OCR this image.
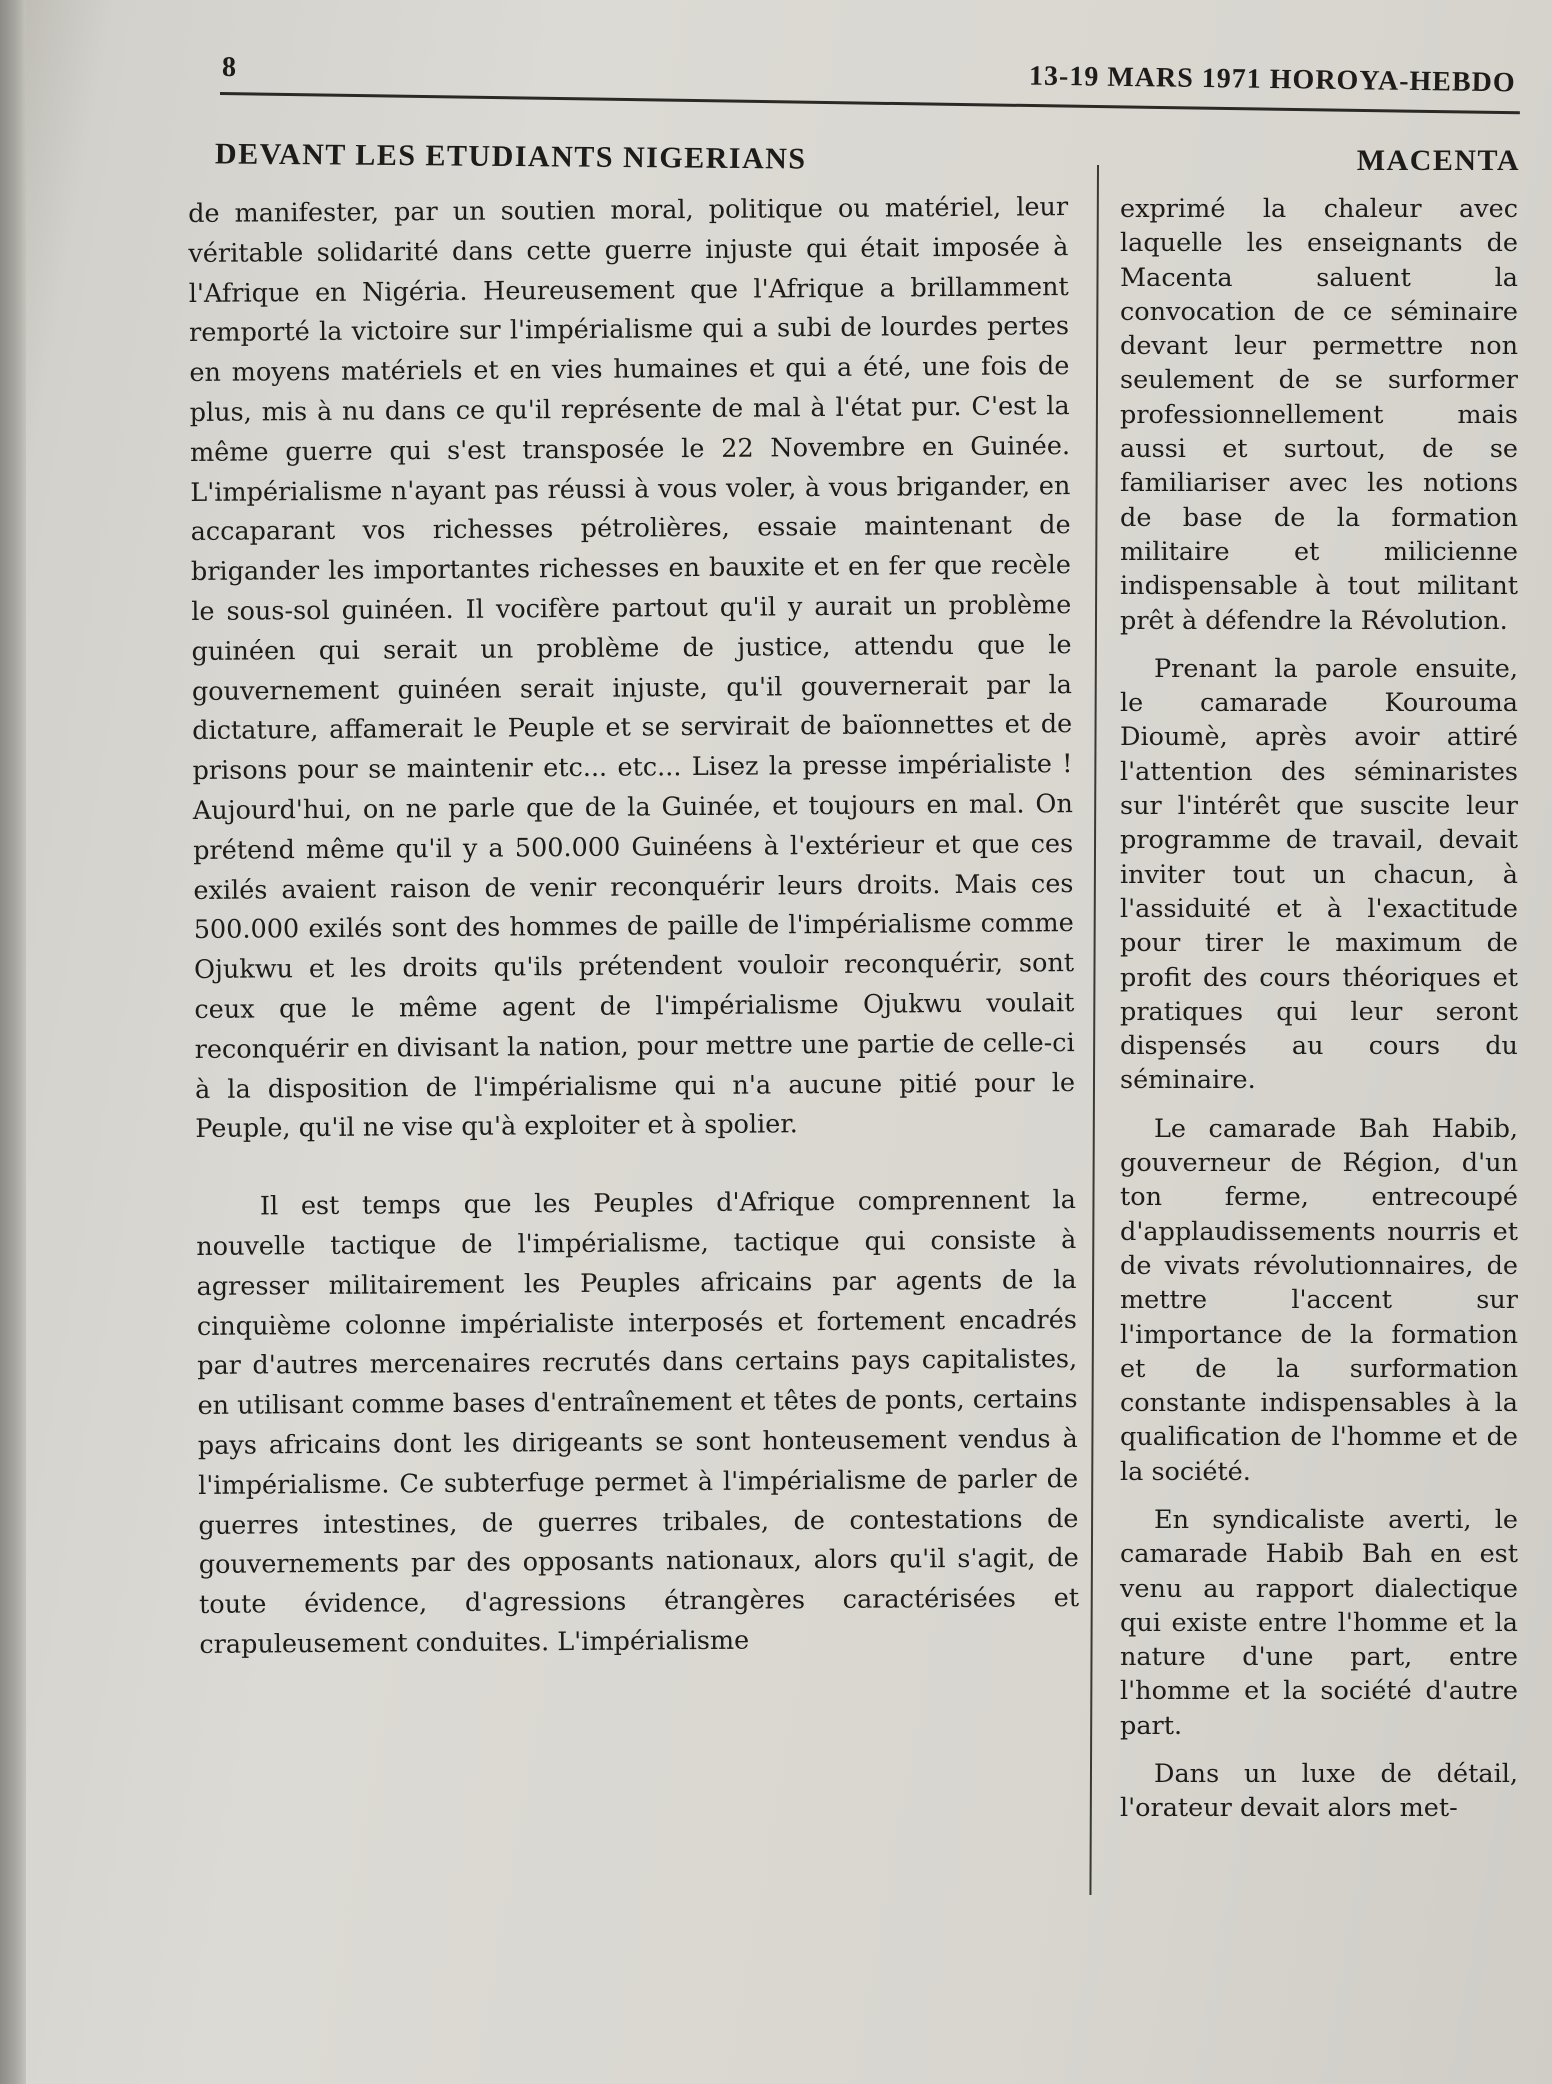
8	13-19 MARS 1971 HOROYA-HEBDO
DEVANT LES ETUDIANTS NIGERIANS	MACENTA

de manifester, par un soutien moral, politique ou matériel, leur véritable solidarité dans cette guerre injuste qui était imposée à l'Afrique en Nigéria. Heureusement que l'Afrique a brillamment remporté la victoire sur l'impérialisme qui a subi de lourdes pertes en moyens matériels et en vies humaines et qui a été, une fois de plus, mis à nu dans ce qu'il représente de mal à l'état pur. C'est la même guerre qui s'est transposée le 22 Novembre en Guinée. L'impérialisme n'ayant pas réussi à vous voler, à vous brigander, en accaparant vos richesses pétrolières, essaie maintenant de brigander les importantes richesses en bauxite et en fer que recèle le sous-sol guinéen. Il vocifère partout qu'il y aurait un problème guinéen qui serait un problème de justice, attendu que le gouvernement guinéen serait injuste, qu'il gouvernerait par la dictature, affamerait le Peuple et se servirait de baïonnettes et de prisons pour se maintenir etc... etc... Lisez la presse impérialiste ! Aujourd'hui, on ne parle que de la Guinée, et toujours en mal. On prétend même qu'il y a 500.000 Guinéens à l'extérieur et que ces exilés avaient raison de venir reconquérir leurs droits. Mais ces 500.000 exilés sont des hommes de paille de l'impérialisme comme Ojukwu et les droits qu'ils prétendent vouloir reconquérir, sont ceux que le même agent de l'impérialisme Ojukwu voulait reconquérir en divisant la nation, pour mettre une partie de celle-ci à la disposition de l'impérialisme qui n'a aucune pitié pour le Peuple, qu'il ne vise qu'à exploiter et à spolier.

Il est temps que les Peuples d'Afrique comprennent la nouvelle tactique de l'impérialisme, tactique qui consiste à agresser militairement les Peuples africains par agents de la cinquième colonne impérialiste interposés et fortement encadrés par d'autres mercenaires recrutés dans certains pays capitalistes, en utilisant comme bases d'entraînement et têtes de ponts, certains pays africains dont les dirigeants se sont honteusement vendus à l'impérialisme. Ce subterfuge permet à l'impérialisme de parler de guerres intestines, de guerres tribales, de contestations de gouvernements par des opposants nationaux, alors qu'il s'agit, de toute évidence, d'agressions étrangères caractérisées et crapuleusement conduites. L'impérialisme

exprimé la chaleur avec laquelle les enseignants de Macenta saluent la convocation de ce séminaire devant leur permettre non seulement de se surformer professionnellement mais aussi et surtout, de se familiariser avec les notions de base de la formation militaire et milicienne indispensable à tout militant prêt à défendre la Révolution.

Prenant la parole ensuite, le camarade Kourouma Dioumè, après avoir attiré l'attention des séminaristes sur l'intérêt que suscite leur programme de travail, devait inviter tout un chacun, à l'assiduité et à l'exactitude pour tirer le maximum de profit des cours théoriques et pratiques qui leur seront dispensés au cours du séminaire.

Le camarade Bah Habib, gouverneur de Région, d'un ton ferme, entrecoupé d'applaudissements nourris et de vivats révolutionnaires, de mettre l'accent sur l'importance de la formation et de la surformation constante indispensables à la qualification de l'homme et de la société.

En syndicaliste averti, le camarade Habib Bah en est venu au rapport dialectique qui existe entre l'homme et la nature d'une part, entre l'homme et la société d'autre part.

Dans un luxe de détail, l'orateur devait alors met-
